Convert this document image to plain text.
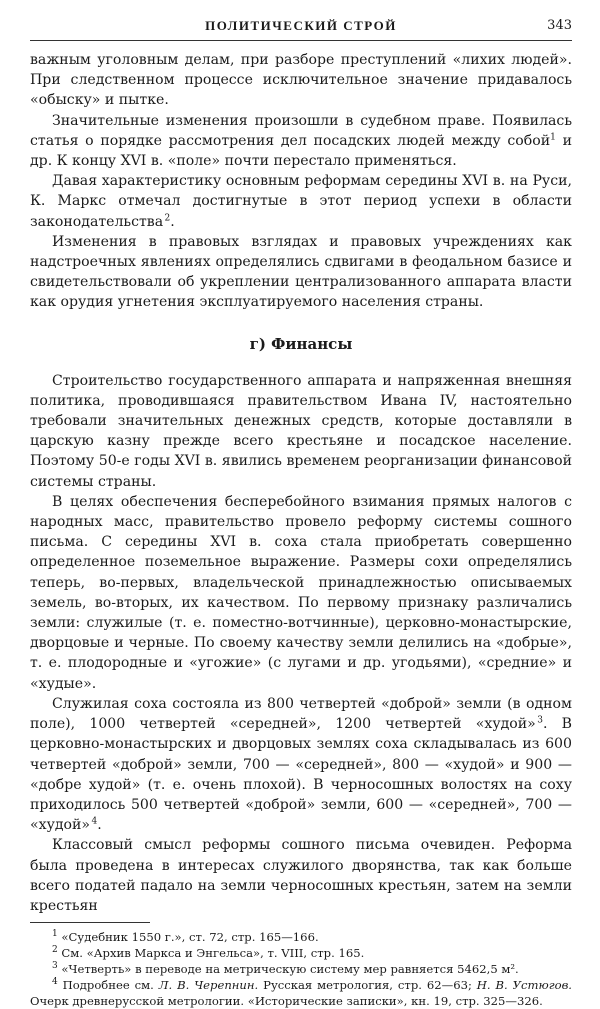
ПОЛИТИЧЕСКИЙ СТРОЙ	343

важным уголовным делам, при разборе преступлений «лихих людей». При следственном процессе исключительное значение придавалось «обыску» и пытке.

Значительные изменения произошли в судебном праве. Появилась статья о порядке рассмотрения дел посадских людей между собой$^1$ и др. К концу XVI в. «поле» почти перестало применяться.

Давая характеристику основным реформам середины XVI в. на Руси, К. Маркс отмечал достигнутые в этот период успехи в области законодательства $^2$.

Изменения в правовых взглядах и правовых учреждениях как надстроечных явлениях определялись сдвигами в феодальном базисе и свидетельствовали об укреплении централизованного аппарата власти как орудия угнетения эксплуатируемого населения страны.

г) Финансы

Строительство государственного аппарата и напряженная внешняя политика, проводившаяся правительством Ивана IV, настоятельно требовали значительных денежных средств, которые доставляли в царскую казну прежде всего крестьяне и посадское население. Поэтому 50-е годы XVI в. явились временем реорганизации финансовой системы страны.

В целях обеспечения бесперебойного взимания прямых налогов с народных масс, правительство провело реформу системы сошного письма. С середины XVI в. соха стала приобретать совершенно определенное поземельное выражение. Размеры сохи определялись теперь, во-первых, владельческой принадлежностью описываемых земель, во-вторых, их качеством. По первому признаку различались земли: служилые (т. е. поместно-вотчинные), церковно-монастырские, дворцовые и черные. По своему качеству земли делились на «добрые», т. е. плодородные и «угожие» (с лугами и др. угодьями), «средние» и «худые».

Служилая соха состояла из 800 четвертей «доброй» земли (в одном поле), 1000 четвертей «середней», 1200 четвертей «худой» $^3$. В церковно-монастырских и дворцовых землях соха складывалась из 600 четвертей «доброй» земли, 700 — «середней», 800 — «худой» и 900 — «добре худой» (т. е. очень плохой). В черносошных волостях на соху приходилось 500 четвертей «доброй» земли, 600 — «середней», 700 — «худой» $^4$.

Классовый смысл реформы сошного письма очевиден. Реформа была проведена в интересах служилого дворянства, так как больше всего податей падало на земли черносошных крестьян, затем на земли крестьян

$^1$ «Судебник 1550 г.», ст. 72, стр. 165—166.

$^2$ См. «Архив Маркса и Энгельса», т. VIII, стр. 165.

$^3$ «Четверть» в переводе на метрическую систему мер равняется 5462,5 м².

$^4$ Подробнее см. Л. В. Черепнин. Русская метрология, стр. 62—63; Н. В. Устюгов. Очерк древнерусской метрологии. «Исторические записки», кн. 19, стр. 325—326.
